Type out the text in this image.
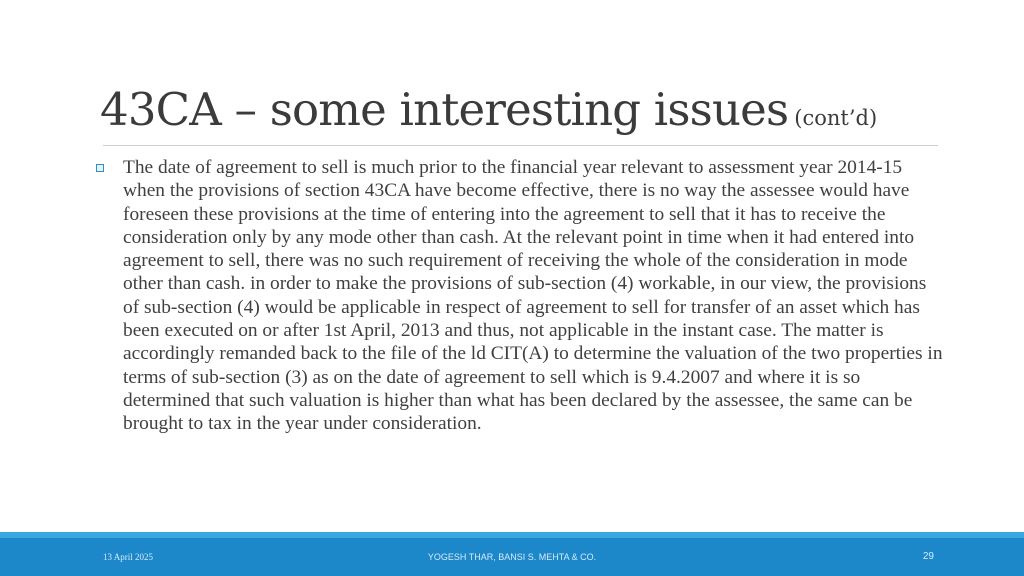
43CA – some interesting issues (cont’d)
The date of agreement to sell is much prior to the financial year relevant to assessment year 2014-15 when the provisions of section 43CA have become effective, there is no way the assessee would have foreseen these provisions at the time of entering into the agreement to sell that it has to receive the consideration only by any mode other than cash. At the relevant point in time when it had entered into agreement to sell, there was no such requirement of receiving the whole of the consideration in mode other than cash. in order to make the provisions of sub-section (4) workable, in our view, the provisions of sub-section (4) would be applicable in respect of agreement to sell for transfer of an asset which has been executed on or after 1st April, 2013 and thus, not applicable in the instant case. The matter is accordingly remanded back to the file of the ld CIT(A) to determine the valuation of the two properties in terms of sub-section (3) as on the date of agreement to sell which is 9.4.2007 and where it is so determined that such valuation is higher than what has been declared by the assessee, the same can be brought to tax in the year under consideration.
13 April 2025	YOGESH THAR, BANSI S. MEHTA & CO.	29
